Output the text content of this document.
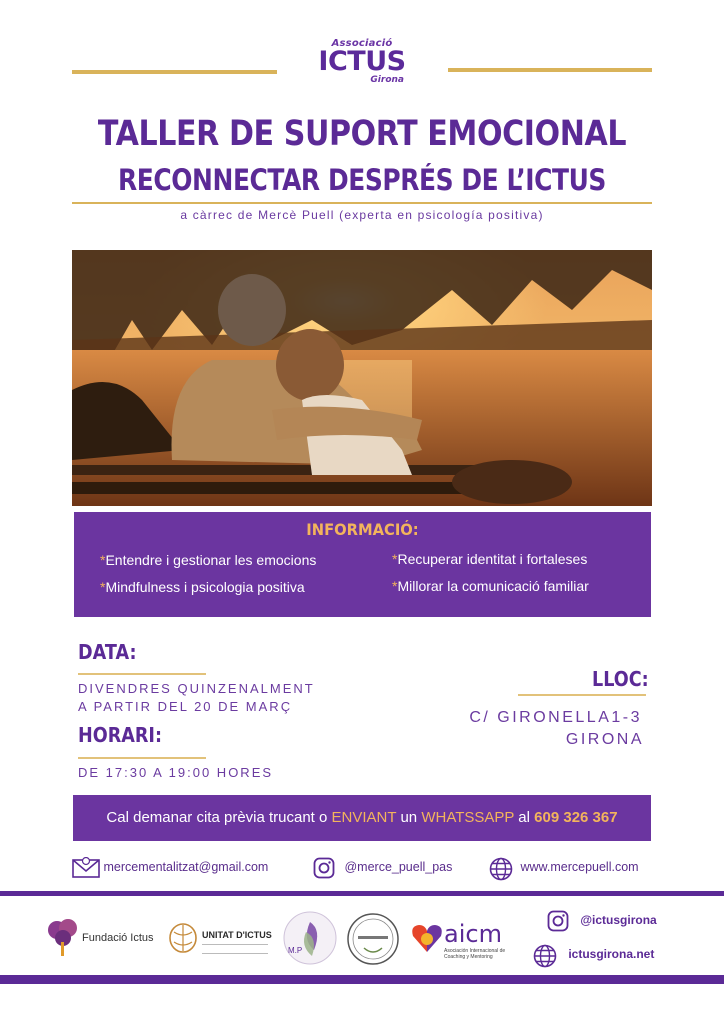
Associació
ICTUS
Girona
TALLER DE SUPORT EMOCIONAL
RECONNECTAR DESPRÉS DE L’ICTUS
a càrrec de Mercè Puell (experta en psicología positiva)
INFORMACIÓ:
*Entendre i gestionar les emocions	*Recuperar identitat i fortaleses
*Mindfulness i psicologia positiva	*Millorar la comunicació familiar
DATA:
DIVENDRES QUINZENALMENT
A PARTIR DEL 20 DE MARÇ
HORARI:
DE 17:30 A 19:00 HORES
LLOC:
C/ GIRONELLA1-3
GIRONA
Cal demanar cita prèvia trucant o ENVIANT un WHATSSAPP al 609 326 367
mercementalitzat@gmail.com	@merce_puell_pas	www.mercepuell.com
Fundació Ictus	UNITAT D'ICTUS
M.P
aicm
Asociación Internacional de Coaching y Mentoring
@ictusgirona
ictusgirona.net
